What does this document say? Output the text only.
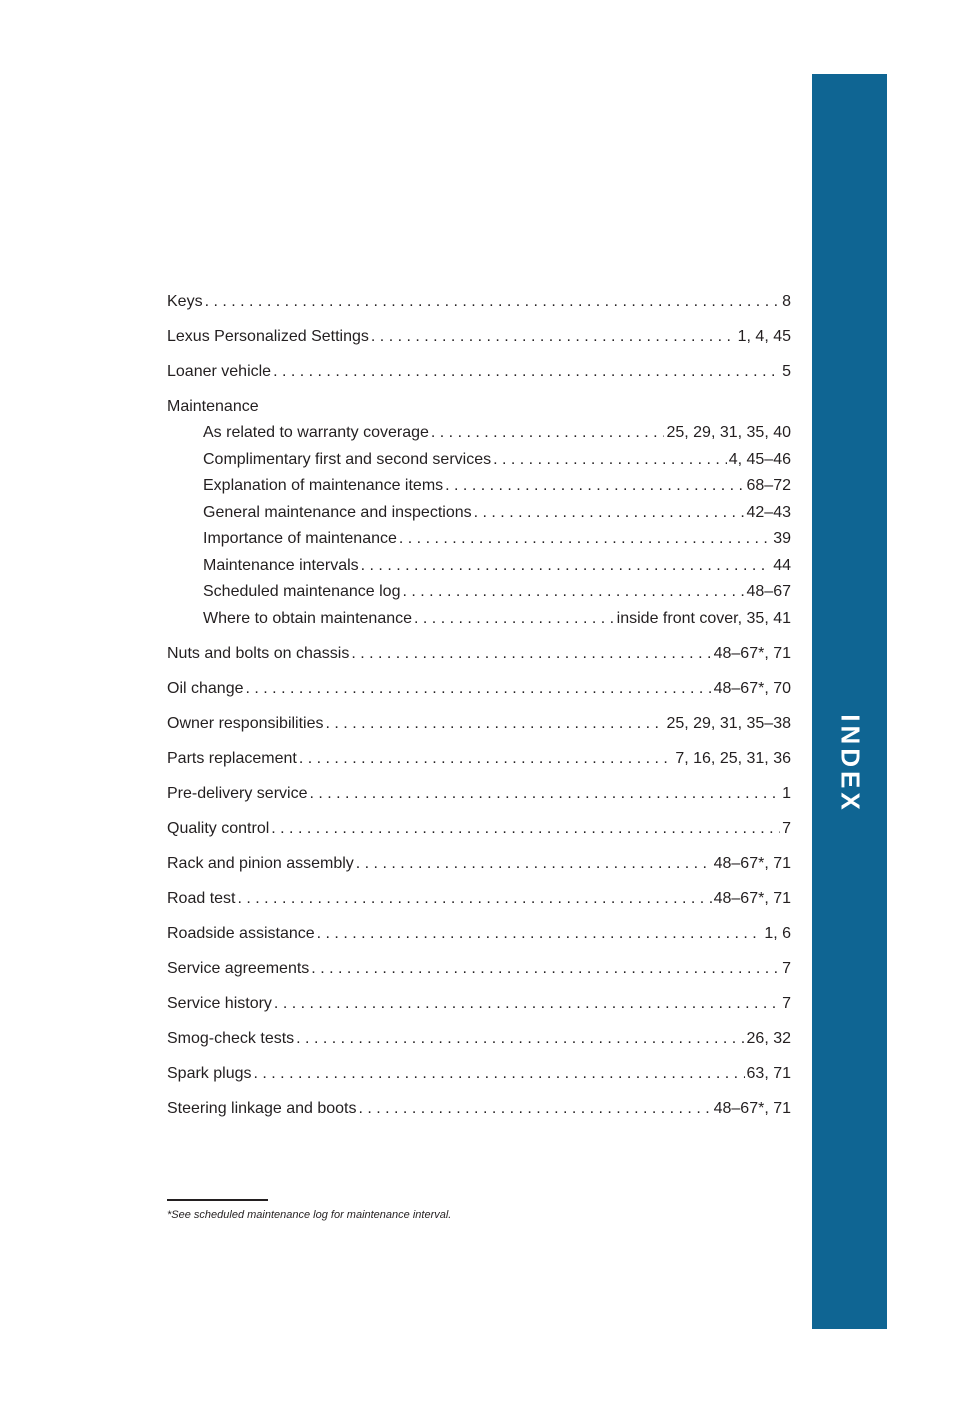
INDEX
75
Keys . . .	8
Lexus Personalized Settings . . .	1, 4, 45
Loaner vehicle . . .	5
Maintenance
As related to warranty coverage . . .	25, 29, 31, 35, 40
Complimentary first and second services . . .	4, 45–46
Explanation of maintenance items . . .	68–72
General maintenance and inspections . . .	42–43
Importance of maintenance . . .	39
Maintenance intervals . . .	44
Scheduled maintenance log . . .	48–67
Where to obtain maintenance . . .	inside front cover, 35, 41
Nuts and bolts on chassis . . .	48–67*, 71
Oil change . . .	48–67*, 70
Owner responsibilities . . .	25, 29, 31, 35–38
Parts replacement . . .	7, 16, 25, 31, 36
Pre-delivery service . . .	1
Quality control . . .	7
Rack and pinion assembly . . .	48–67*, 71
Road test . . .	48–67*, 71
Roadside assistance . . .	1, 6
Service agreements . . .	7
Service history . . .	7
Smog-check tests . . .	26, 32
Spark plugs . . .	63, 71
Steering linkage and boots . . .	48–67*, 71
*See scheduled maintenance log for maintenance interval.
